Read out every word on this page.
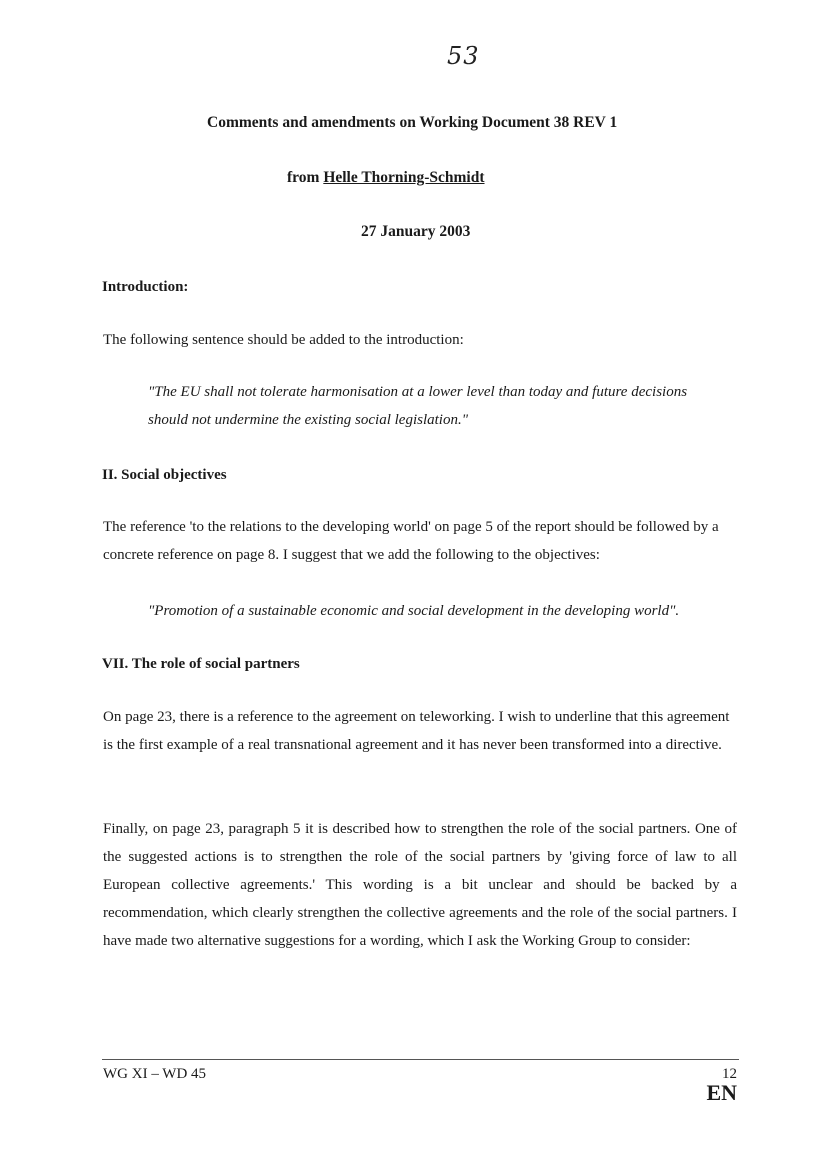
53
Comments and amendments on Working Document 38 REV 1
from Helle Thorning-Schmidt
27 January 2003
Introduction:
The following sentence should be added to the introduction:
"The EU shall not tolerate harmonisation at a lower level than today and future decisions should not undermine the existing social legislation."
II. Social objectives
The reference 'to the relations to the developing world' on page 5 of the report should be followed by a concrete reference on page 8. I suggest that we add the following to the objectives:
"Promotion of a sustainable economic and social development in the developing world".
VII. The role of social partners
On page 23, there is a reference to the agreement on teleworking. I wish to underline that this agreement is the first example of a real transnational agreement and it has never been transformed into a directive.
Finally, on page 23, paragraph 5 it is described how to strengthen the role of the social partners. One of the suggested actions is to strengthen the role of the social partners by 'giving force of law to all European collective agreements.' This wording is a bit unclear and should be backed by a recommendation, which clearly strengthen the collective agreements and the role of the social partners. I have made two alternative suggestions for a wording, which I ask the Working Group to consider:
WG XI – WD 45	12
EN
